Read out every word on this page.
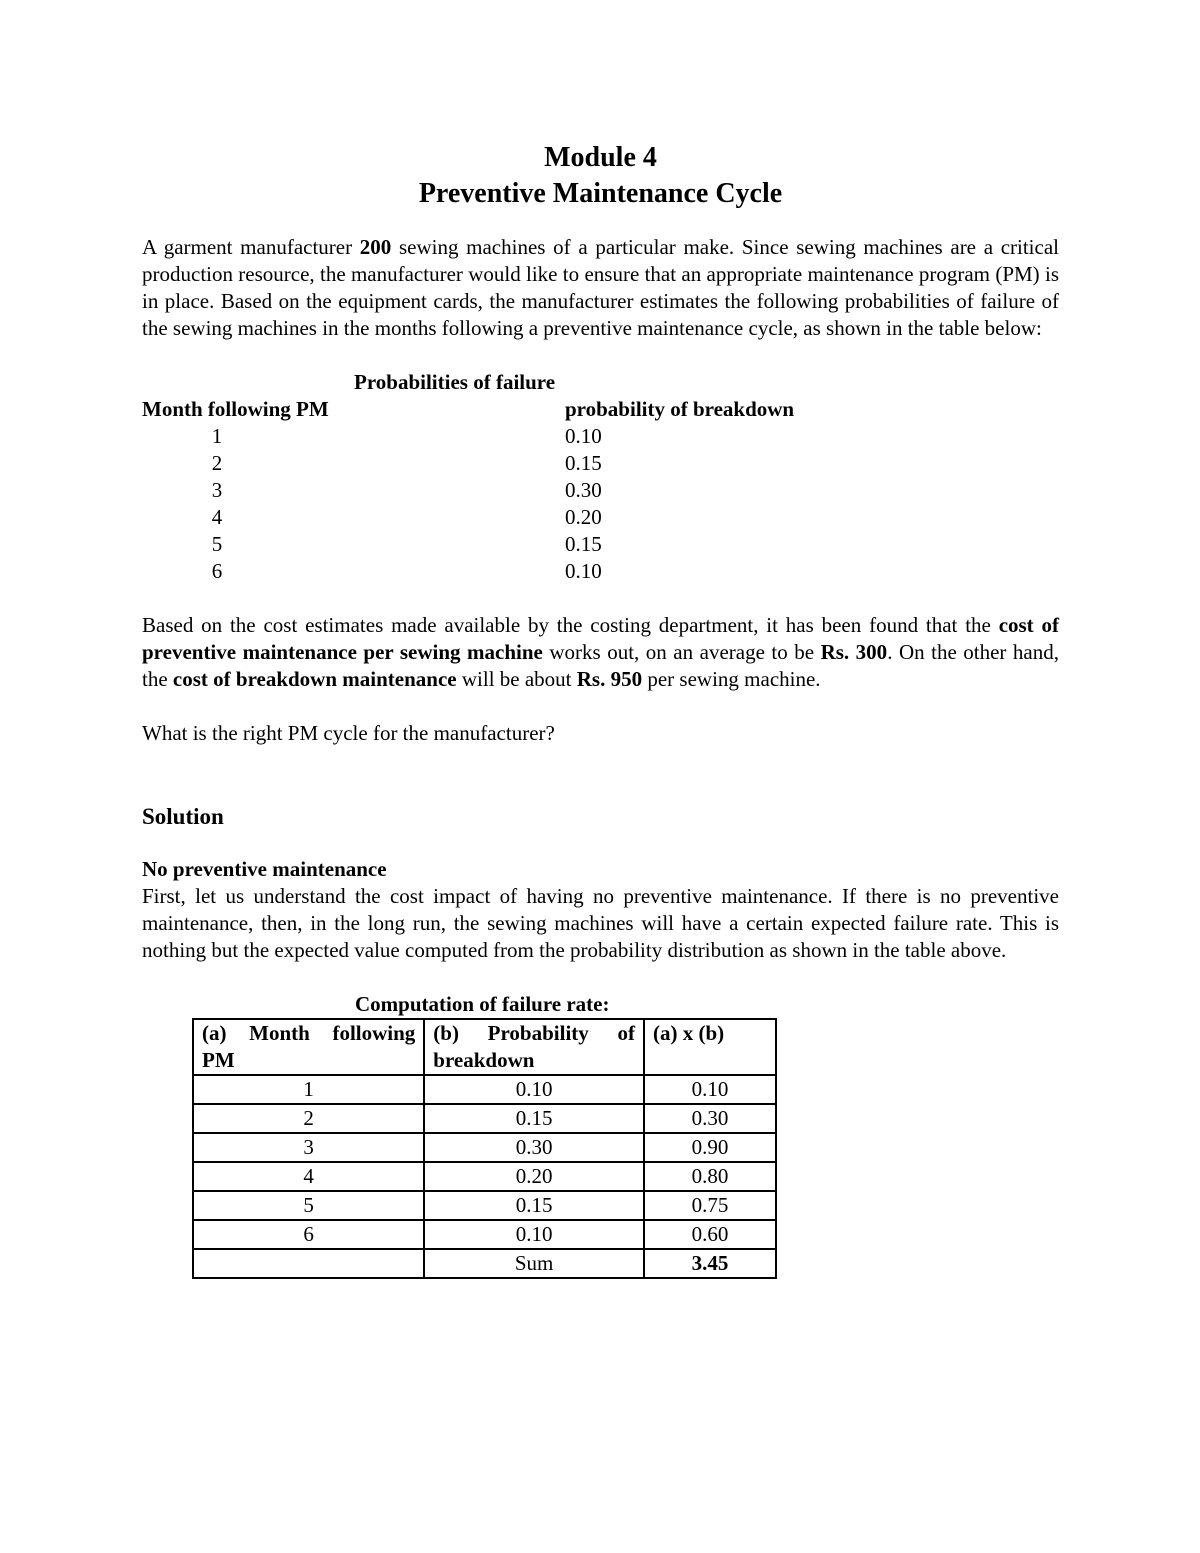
Module 4

Preventive Maintenance Cycle

A garment manufacturer 200 sewing machines of a particular make. Since sewing machines are a critical production resource, the manufacturer would like to ensure that an appropriate maintenance program (PM) is in place. Based on the equipment cards, the manufacturer estimates the following probabilities of failure of the sewing machines in the months following a preventive maintenance cycle, as shown in the table below:

Probabilities of failure
Month following PM	probability of breakdown
1	0.10
2	0.15
3	0.30
4	0.20
5	0.15
6	0.10

Based on the cost estimates made available by the costing department, it has been found that the cost of preventive maintenance per sewing machine works out, on an average to be Rs. 300. On the other hand, the cost of breakdown maintenance will be about Rs. 950 per sewing machine.

What is the right PM cycle for the manufacturer?

Solution

No preventive maintenance

First, let us understand the cost impact of having no preventive maintenance. If there is no preventive maintenance, then, in the long run, the sewing machines will have a certain expected failure rate. This is nothing but the expected value computed from the probability distribution as shown in the table above.

Computation of failure rate:

(a) Month following PM	(b) Probability of breakdown	(a) x (b)
1	0.10	0.10
2	0.15	0.30
3	0.30	0.90
4	0.20	0.80
5	0.15	0.75
6	0.10	0.60
	Sum	3.45
